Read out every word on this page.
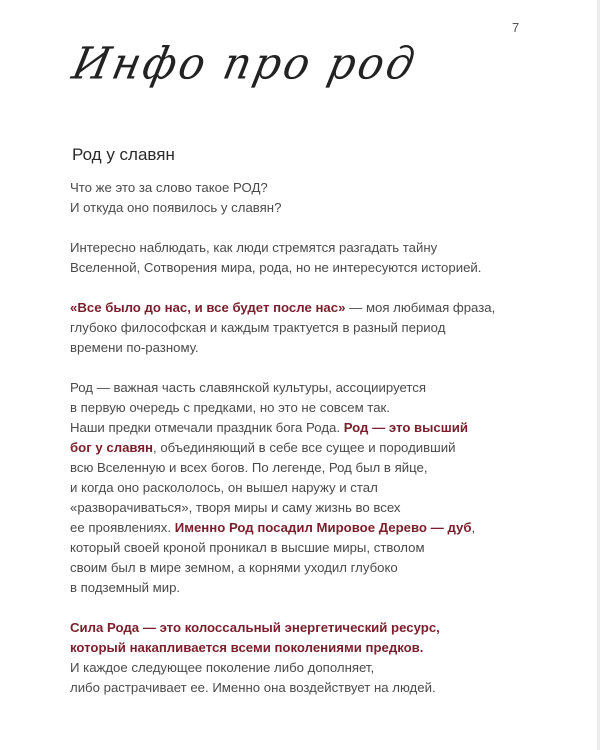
7
Инфо про род
Род у славян
Что же это за слово такое РОД?
И откуда оно появилось у славян?
Интересно наблюдать, как люди стремятся разгадать тайну
Вселенной, Сотворения мира, рода, но не интересуются историей.
«Все было до нас, и все будет после нас» — моя любимая фраза,
глубоко философская и каждым трактуется в разный период
времени по-разному.
Род — важная часть славянской культуры, ассоциируется
в первую очередь с предками, но это не совсем так.
Наши предки отмечали праздник бога Рода. Род — это высший
бог у славян, объединяющий в себе все сущее и породивший
всю Вселенную и всех богов. По легенде, Род был в яйце,
и когда оно раскололось, он вышел наружу и стал
«разворачиваться», творя миры и саму жизнь во всех
ее проявлениях. Именно Род посадил Мировое Дерево — дуб,
который своей кроной проникал в высшие миры, стволом
своим был в мире земном, а корнями уходил глубоко
в подземный мир.
Сила Рода — это колоссальный энергетический ресурс,
который накапливается всеми поколениями предков.
И каждое следующее поколение либо дополняет,
либо растрачивает ее. Именно она воздействует на людей.
